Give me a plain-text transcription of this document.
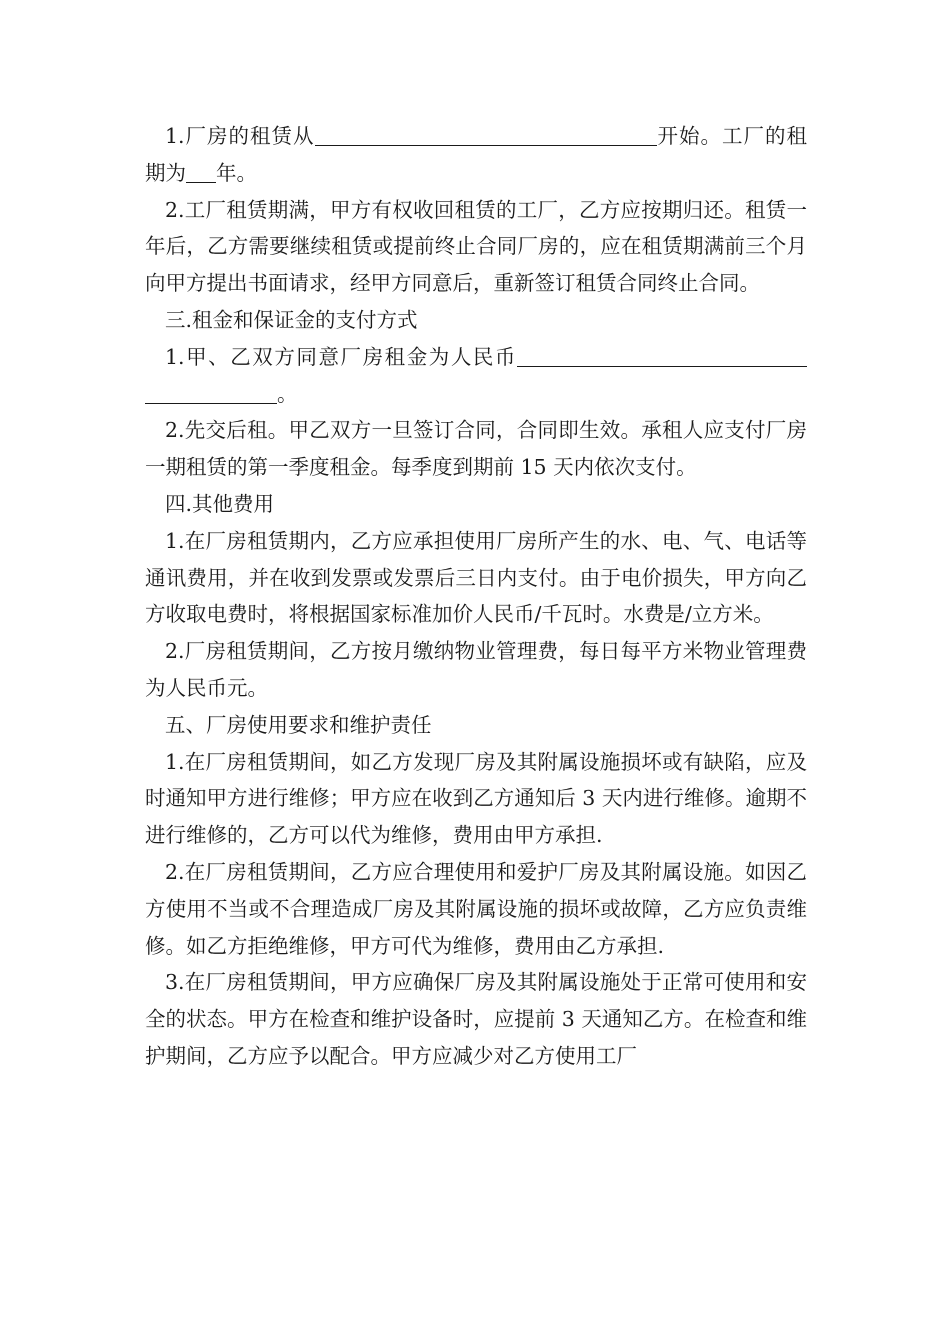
1.厂房的租赁从	开始。工厂的租期为 年。

2.工厂租赁期满，甲方有权收回租赁的工厂，乙方应按期归还。租赁一年后，乙方需要继续租赁或提前终止合同厂房的，应在租赁期满前三个月向甲方提出书面请求，经甲方同意后，重新签订租赁合同终止合同。

三.租金和保证金的支付方式

1.甲、乙双方同意厂房租金为人民币。

2.先交后租。甲乙双方一旦签订合同，合同即生效。承租人应支付厂房一期租赁的第一季度租金。每季度到期前 15 天内依次支付。

四.其他费用

1.在厂房租赁期内，乙方应承担使用厂房所产生的水、电、气、电话等通讯费用，并在收到发票或发票后三日内支付。由于电价损失，甲方向乙方收取电费时，将根据国家标准加价人民币/千瓦时。水费是/立方米。

2.厂房租赁期间，乙方按月缴纳物业管理费，每日每平方米物业管理费为人民币元。

五、厂房使用要求和维护责任

1.在厂房租赁期间，如乙方发现厂房及其附属设施损坏或有缺陷，应及时通知甲方进行维修；甲方应在收到乙方通知后 3 天内进行维修。逾期不进行维修的，乙方可以代为维修，费用由甲方承担.

2.在厂房租赁期间，乙方应合理使用和爱护厂房及其附属设施。如因乙方使用不当或不合理造成厂房及其附属设施的损坏或故障，乙方应负责维修。如乙方拒绝维修，甲方可代为维修，费用由乙方承担.

3.在厂房租赁期间，甲方应确保厂房及其附属设施处于正常可使用和安全的状态。甲方在检查和维护设备时，应提前 3 天通知乙方。在检查和维护期间，乙方应予以配合。甲方应减少对乙方使用工厂
